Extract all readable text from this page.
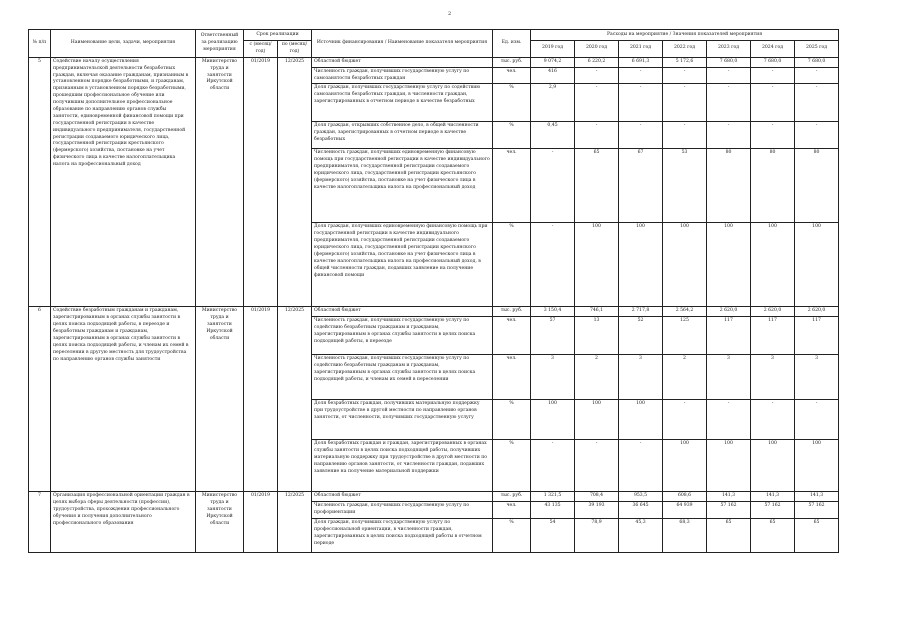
2
№ п/п	Наименование цели, задачи, мероприятия	Ответственный за реализацию мероприятия	Срок реализации		Источник финансирования / Наименование показателя мероприятия	Ед. изм.	Расходы на мероприятие / Значения показателей мероприятия						
			с (месяц/ год)	по (месяц/ год)			2019 год	2020 год	2021 год	2022 год	2023 год	2024 год	2025 год
5	Содействие началу осуществления предпринимательской деятельности безработных граждан, включая оказание гражданам, признанным в установленном порядке безработными, и гражданам, признанным в установленном порядке безработными, прошедшим профессиональное обучение или получившим дополнительное профессиональное образование по направлению органов службы занятости, единовременной финансовой помощи при государственной регистрации в качестве индивидуального предпринимателя, государственной регистрации создаваемого юридического лица, государственной регистрации крестьянского (фермерского) хозяйства, постановке на учет физического лица в качестве налогоплательщика налога на профессиональный доход	Министерство труда и занятости Иркутской области	01/2019	12/2025	Областной бюджет	тыс. руб.	9 074,2	6 220,2	6 691,3	5 172,6	7 680,0	7 680,0	7 680,0
					Численность граждан, получивших государственную услугу по самозанятости безработных граждан	чел.	416	-	-	-	-	-	-
					Доля граждан, получивших государственную услугу по содействию самозанятости безработных граждан, в численности граждан, зарегистрированных в отчетном периоде в качестве безработных	%	2,9	-	-	-	-	-	-
					Доля граждан, открывших собственное дело, в общей численности граждан, зарегистрированных в отчетном периоде в качестве безработных	%	0,45	-	-	-	-	-	-
					Численность граждан, получивших единовременную финансовую помощь при государственной регистрации в качестве индивидуального предпринимателя, государственной регистрации создаваемого юридического лица, государственной регистрации крестьянского (фермерского) хозяйства, постановке на учет физического лица в качестве налогоплательщика налога на профессиональный доход	чел.	-	65	67	53	80	80	80
					Доля граждан, получивших единовременную финансовую помощь при государственной регистрации в качестве индивидуального предпринимателя, государственной регистрации создаваемого юридического лица, государственной регистрации крестьянского (фермерского) хозяйства, постановке на учет физического лица в качестве налогоплательщика налога на профессиональный доход, в общей численности граждан, подавших заявление на получение финансовой помощи	%	-	100	100	100	100	100	100
6	Содействие безработным гражданам и гражданам, зарегистрированным в органах службы занятости в целях поиска подходящей работы, в переезде и безработным гражданам и гражданам, зарегистрированным в органах службы занятости в целях поиска подходящей работы, и членам их семей в переселении в другую местность для трудоустройства по направлению органов службы занятости	Министерство труда и занятости Иркутской области	01/2019	12/2025	Областной бюджет	тыс. руб.	3 150,4	746,1	2 717,8	2 564,2	2 620,0	2 620,0	2 620,0
					Численность граждан, получивших государственную услугу по содействию безработным гражданам и гражданам, зарегистрированным в органах службы занятости в целях поиска подходящей работы, в переезде	чел.	57	13	52	125	117	117	117
					Численность граждан, получивших государственную услугу по содействию безработным гражданам и гражданам, зарегистрированным в органах службы занятости в целях поиска подходящей работы, и членам их семей в переселении	чел.	3	2	3	2	3	3	3
					Доля безработных граждан, получивших материальную поддержку при трудоустройстве в другой местности по направлению органов занятости, от численности, получивших государственную услугу	%	100	100	100	-	-	-	-
					Доля безработных граждан и граждан, зарегистрированных в органах службы занятости в целях поиска подходящей работы, получивших материальную поддержку при трудоустройстве в другой местности по направлению органов занятости, от численности граждан, подавших заявление на получение материальной поддержки	%	-	-	-	100	100	100	100
7	Организация профессиональной ориентации граждан в целях выбора сферы деятельности (профессии), трудоустройства, прохождения профессионального обучения и получения дополнительного профессионального образования	Министерство труда и занятости Иркутской области	01/2019	12/2025	Областной бюджет	тыс. руб.	1 321,5	708,4	953,5	608,6	141,3	141,3	141,3
					Численность граждан, получивших государственную услугу по профориентации	чел.	43 135	39 193	36 645	64 939	57 162	57 162	57 162
					Доля граждан, получивших государственную услугу по профессиональной ориентации, в численности граждан, зарегистрированных в целях поиска подходящей работы в отчетном периоде	%	54	78,9	45,3	68,3	65	65	65
